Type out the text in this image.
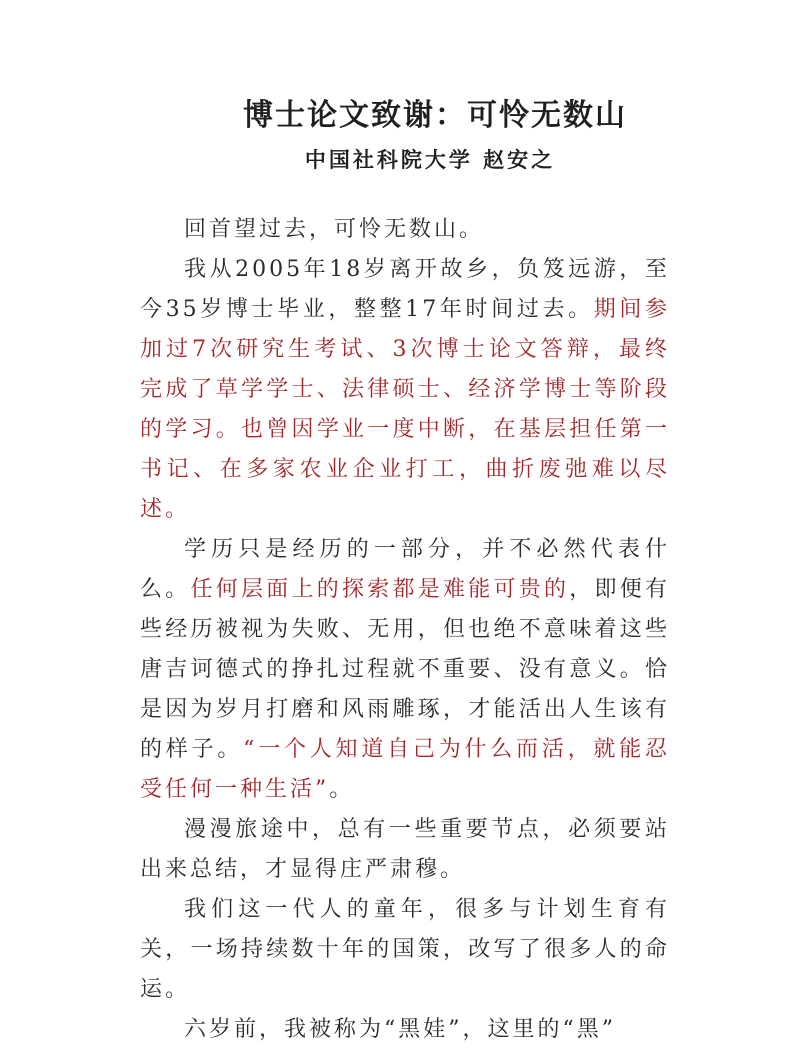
博士论文致谢：可怜无数山
中国社科院大学 赵安之

回首望过去，可怜无数山。

我从2005年18岁离开故乡，负笈远游，至今35岁博士毕业，整整17年时间过去。期间参加过7次研究生考试、3次博士论文答辩，最终完成了草学学士、法律硕士、经济学博士等阶段的学习。也曾因学业一度中断，在基层担任第一书记、在多家农业企业打工，曲折废弛难以尽述。

学历只是经历的一部分，并不必然代表什么。任何层面上的探索都是难能可贵的，即便有些经历被视为失败、无用，但也绝不意味着这些唐吉诃德式的挣扎过程就不重要、没有意义。恰是因为岁月打磨和风雨雕琢，才能活出人生该有的样子。“一个人知道自己为什么而活，就能忍受任何一种生活”。

漫漫旅途中，总有一些重要节点，必须要站出来总结，才显得庄严肃穆。

我们这一代人的童年，很多与计划生育有关，一场持续数十年的国策，改写了很多人的命运。

六岁前，我被称为“黑娃”，这里的“黑”
